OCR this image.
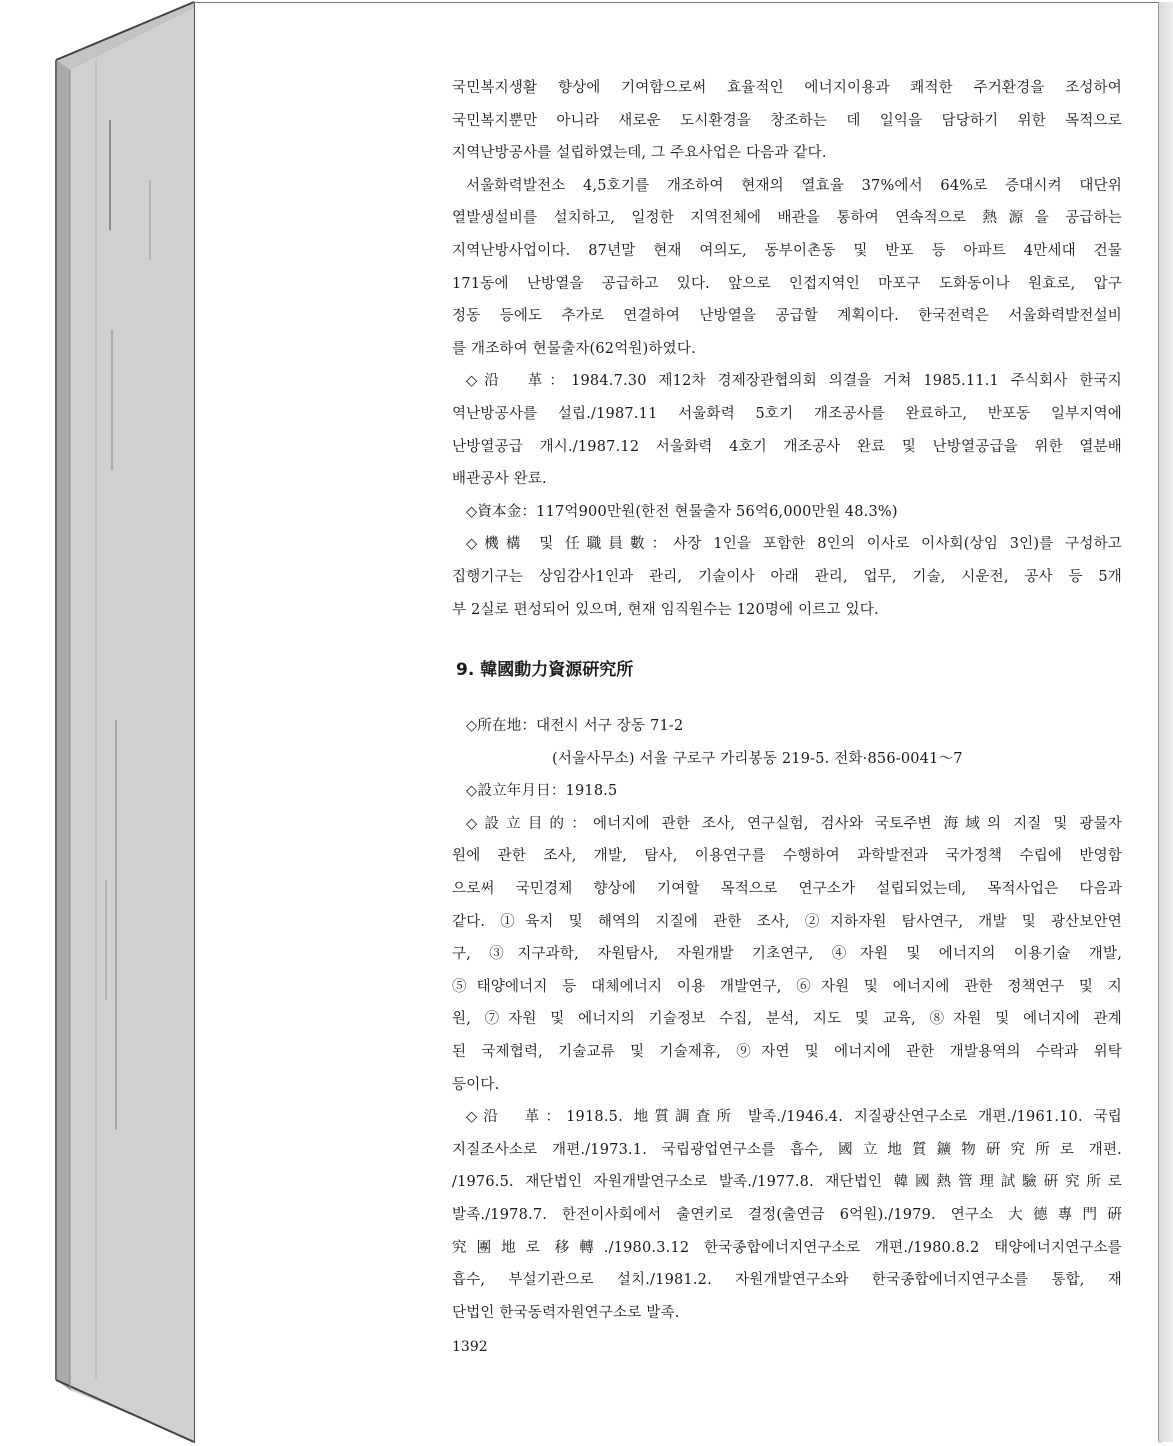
국민복지생활 향상에 기여함으로써 효율적인 에너지이용과 쾌적한 주거환경을 조성하여
국민복지뿐만 아니라 새로운 도시환경을 창조하는 데 일익을 담당하기 위한 목적으로
지역난방공사를 설립하였는데, 그 주요사업은 다음과 같다.
서울화력발전소 4,5호기를 개조하여 현재의 열효율 37%에서 64%로 증대시켜 대단위
열발생설비를 설치하고, 일정한 지역전체에 배관을 통하여 연속적으로 熱源을 공급하는
지역난방사업이다. 87년말 현재 여의도, 동부이촌동 및 반포 등 아파트 4만세대 건물
171동에 난방열을 공급하고 있다. 앞으로 인접지역인 마포구 도화동이나 원효로, 압구
정동 등에도 추가로 연결하여 난방열을 공급할 계획이다. 한국전력은 서울화력발전설비
를 개조하여 현물출자(62억원)하였다.
◇沿　革：1984.7.30 제12차 경제장관협의회 의결을 거쳐 1985.11.1 주식회사 한국지
역난방공사를 설립./1987.11 서울화력 5호기 개조공사를 완료하고, 반포동 일부지역에
난방열공급 개시./1987.12 서울화력 4호기 개조공사 완료 및 난방열공급을 위한 열분배
배관공사 완료.
◇資本金：117억900만원(한전 현물출자 56억6,000만원 48.3%)
◇機構 및 任職員數：사장 1인을 포함한 8인의 이사로 이사회(상임 3인)를 구성하고
집행기구는 상임감사1인과 관리, 기술이사 아래 관리, 업무, 기술, 시운전, 공사 등 5개
부 2실로 편성되어 있으며, 현재 임직원수는 120명에 이르고 있다.
9. 韓國動力資源硏究所
◇所在地：대전시 서구 장동 71-2
(서울사무소) 서울 구로구 가리봉동 219-5. 전화·856-0041～7
◇設立年月日：1918.5
◇設立目的：에너지에 관한 조사, 연구실험, 검사와 국토주변 海域의 지질 및 광물자
원에 관한 조사, 개발, 탐사, 이용연구를 수행하여 과학발전과 국가정책 수립에 반영함
으로써 국민경제 향상에 기여할 목적으로 연구소가 설립되었는데, 목적사업은 다음과
같다. ①육지 및 해역의 지질에 관한 조사, ②지하자원 탐사연구, 개발 및 광산보안연
구, ③지구과학, 자원탐사, 자원개발 기초연구, ④자원 및 에너지의 이용기술 개발,
⑤태양에너지 등 대체에너지 이용 개발연구, ⑥자원 및 에너지에 관한 정책연구 및 지
원, ⑦자원 및 에너지의 기술정보 수집, 분석, 지도 및 교육, ⑧자원 및 에너지에 관계
된 국제협력, 기술교류 및 기술제휴, ⑨자연 및 에너지에 관한 개발용역의 수락과 위탁
등이다.
◇沿　革：1918.5. 地質調査所 발족./1946.4. 지질광산연구소로 개편./1961.10. 국립
지질조사소로 개편./1973.1. 국립광업연구소를 흡수, 國立地質鑛物硏究所로 개편.
/1976.5. 재단법인 자원개발연구소로 발족./1977.8. 재단법인 韓國熱管理試驗硏究所로
발족./1978.7. 한전이사회에서 출연키로 결정(출연금 6억원)./1979. 연구소 大德專門硏
究團地로 移轉./1980.3.12 한국종합에너지연구소로 개편./1980.8.2 태양에너지연구소를
흡수, 부설기관으로 설치./1981.2. 자원개발연구소와 한국종합에너지연구소를 통합, 재
단법인 한국동력자원연구소로 발족.
1392
